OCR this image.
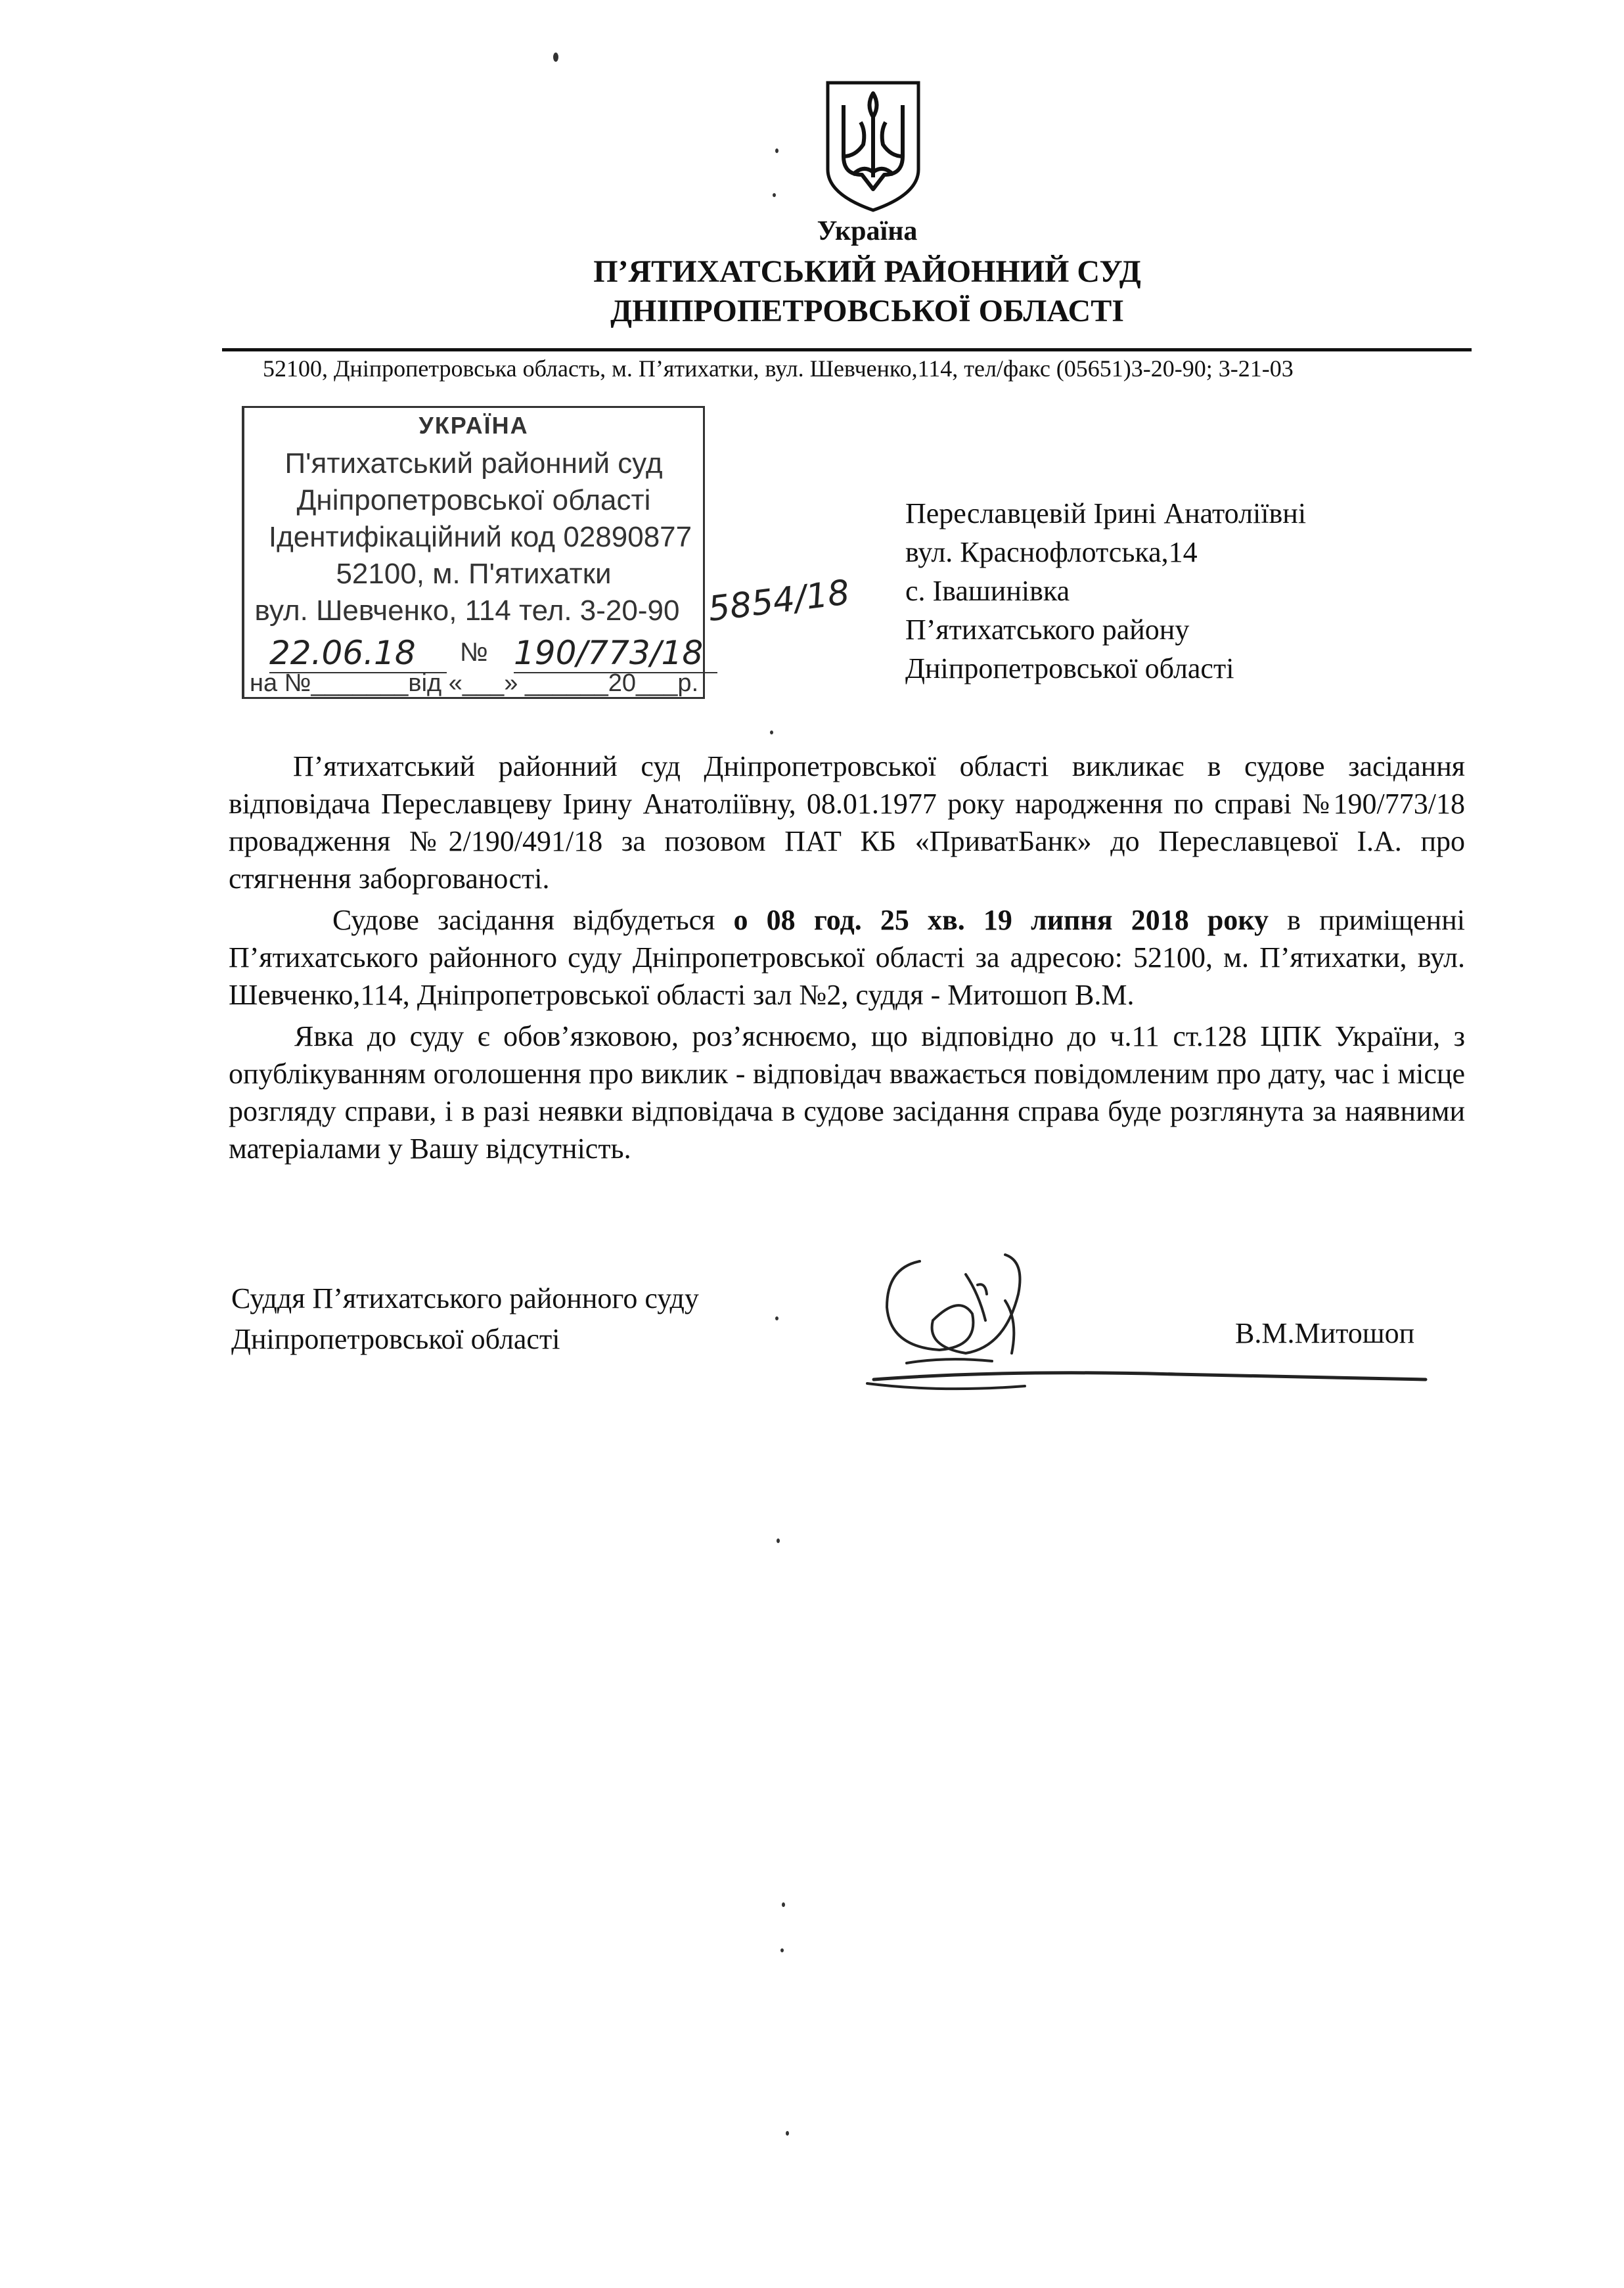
Україна
П’ЯТИХАТСЬКИЙ РАЙОННИЙ СУД
ДНІПРОПЕТРОВСЬКОЇ ОБЛАСТІ
52100, Дніпропетровська область, м. П’ятихатки, вул. Шевченко,114, тел/факс (05651)3-20-90; 3-21-03
УКРАЇНА
П'ятихатський районний суд
Дніпропетровської області
Ідентифікаційний код 02890877
52100, м. П'ятихатки
вул. Шевченко, 114 тел. 3-20-90
22.06.18	№ 190/773/18
на №_______від «___» ______20___р.
5854/18
Переславцевій Ірині Анатоліївні
вул. Краснофлотська,14
с. Івашинівка
П’ятихатського району
Дніпропетровської області

П’ятихатський районний суд Дніпропетровської області викликає в судове засідання відповідача Переславцеву Ірину Анатоліївну, 08.01.1977 року народження по справі №190/773/18 провадження №2/190/491/18 за позовом ПАТ КБ «ПриватБанк» до Переславцевої І.А. про стягнення заборгованості.

Судове засідання відбудеться о 08 год. 25 хв. 19 липня 2018 року в приміщенні П’ятихатського районного суду Дніпропетровської області за адресою: 52100, м. П’ятихатки, вул. Шевченко,114, Дніпропетровської області зал №2, суддя - Митошоп В.М.

Явка до суду є обов’язковою, роз’яснюємо, що відповідно до ч.11 ст.128 ЦПК України, з опублікуванням оголошення про виклик - відповідач вважається повідомленим про дату, час і місце розгляду справи, і в разі неявки відповідача в судове засідання справа буде розглянута за наявними матеріалами у Вашу відсутність.

Суддя П’ятихатського районного суду
Дніпропетровської області	В.М.Митошоп
